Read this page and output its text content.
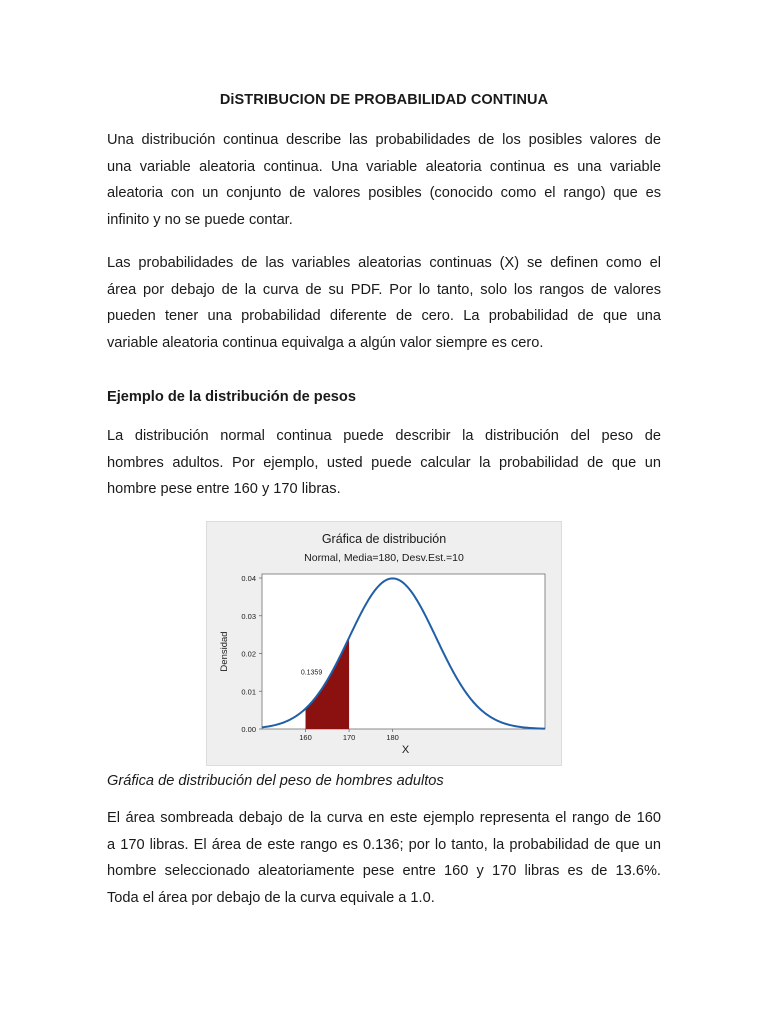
DiSTRIBUCION DE PROBABILIDAD CONTINUA

Una distribución continua describe las probabilidades de los posibles valores de
una variable aleatoria continua. Una variable aleatoria continua es una variable
aleatoria con un conjunto de valores posibles (conocido como el rango) que es
infinito y no se puede contar.

Las probabilidades de las variables aleatorias continuas (X) se definen como el
área por debajo de la curva de su PDF. Por lo tanto, solo los rangos de valores
pueden tener una probabilidad diferente de cero. La probabilidad de que una
variable aleatoria continua equivalga a algún valor siempre es cero.

Ejemplo de la distribución de pesos

La distribución normal continua puede describir la distribución del peso de
hombres adultos. Por ejemplo, usted puede calcular la probabilidad de que un
hombre pese entre 160 y 170 libras.

Gráfica de distribución
Normal, Media=180, Desv.Est.=10
0.00
0.01
0.02
0.03
0.04
160	170	180
X
Densidad
0.1359
Gráfica de distribución del peso de hombres adultos

El área sombreada debajo de la curva en este ejemplo representa el rango de 160
a 170 libras. El área de este rango es 0.136; por lo tanto, la probabilidad de que un
hombre seleccionado aleatoriamente pese entre 160 y 170 libras es de 13.6%.
Toda el área por debajo de la curva equivale a 1.0.
